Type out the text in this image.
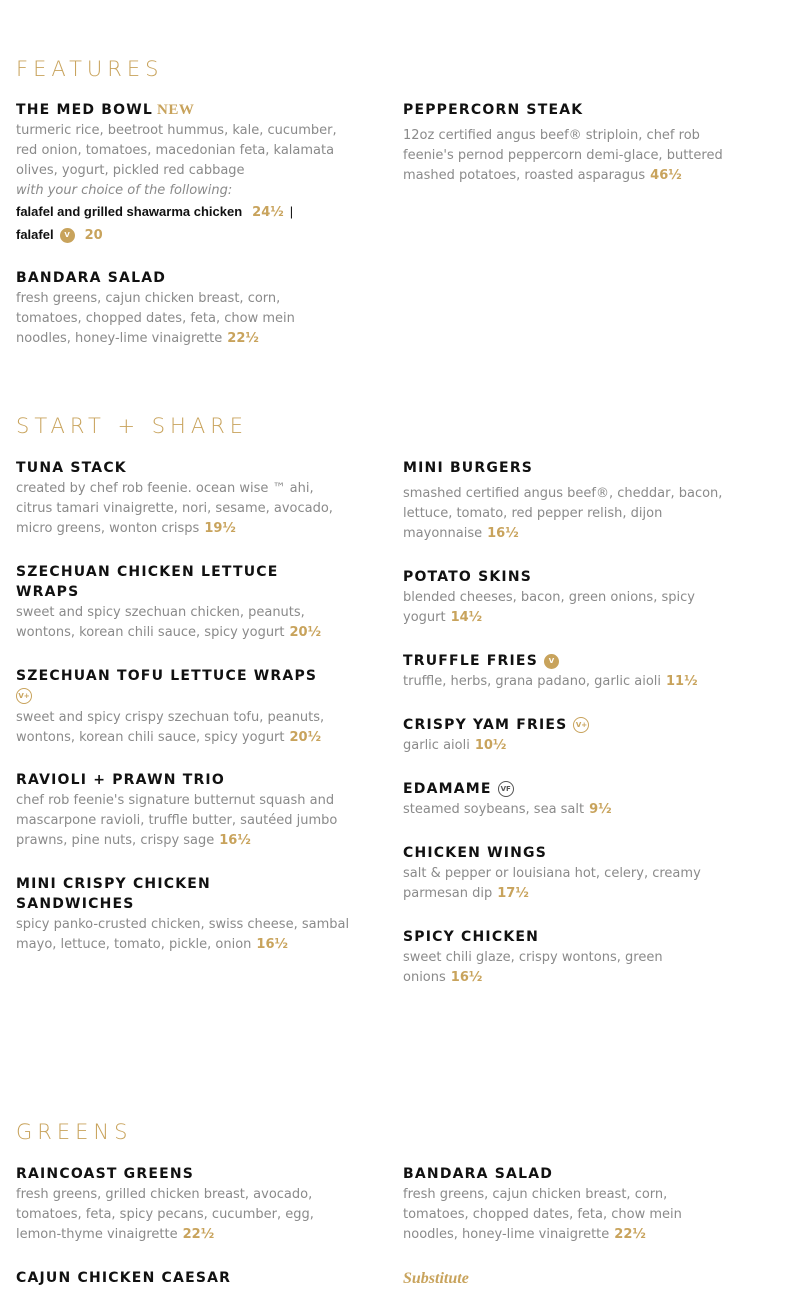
FEATURES
THE MED BOWL NEW
turmeric rice, beetroot hummus, kale, cucumber, red onion, tomatoes, macedonian feta, kalamata olives, yogurt, pickled red cabbage
with your choice of the following:
falafel and grilled shawarma chicken 24½ |
falafel V 20
BANDARA SALAD
fresh greens, cajun chicken breast, corn, tomatoes, chopped dates, feta, chow mein noodles, honey-lime vinaigrette 22½
PEPPERCORN STEAK
12oz certified angus beef® striploin, chef rob feenie's pernod peppercorn demi-glace, buttered mashed potatoes, roasted asparagus 46½
START + SHARE
TUNA STACK
created by chef rob feenie. ocean wise ™ ahi, citrus tamari vinaigrette, nori, sesame, avocado, micro greens, wonton crisps 19½
SZECHUAN CHICKEN LETTUCE WRAPS
sweet and spicy szechuan chicken, peanuts, wontons, korean chili sauce, spicy yogurt 20½
SZECHUAN TOFU LETTUCE WRAPS
V+
sweet and spicy crispy szechuan tofu, peanuts, wontons, korean chili sauce, spicy yogurt 20½
RAVIOLI + PRAWN TRIO
chef rob feenie's signature butternut squash and mascarpone ravioli, truffle butter, sautéed jumbo prawns, pine nuts, crispy sage 16½
MINI CRISPY CHICKEN SANDWICHES
spicy panko-crusted chicken, swiss cheese, sambal mayo, lettuce, tomato, pickle, onion 16½
MINI BURGERS
smashed certified angus beef®, cheddar, bacon, lettuce, tomato, red pepper relish, dijon mayonnaise 16½
POTATO SKINS
blended cheeses, bacon, green onions, spicy yogurt 14½
TRUFFLE FRIES V
truffle, herbs, grana padano, garlic aioli 11½
CRISPY YAM FRIES V+
garlic aioli 10½
EDAMAME VF
steamed soybeans, sea salt 9½
CHICKEN WINGS
salt & pepper or louisiana hot, celery, creamy parmesan dip 17½
SPICY CHICKEN
sweet chili glaze, crispy wontons, green onions 16½
GREENS
RAINCOAST GREENS
fresh greens, grilled chicken breast, avocado, tomatoes, feta, spicy pecans, cucumber, egg, lemon-thyme vinaigrette 22½
BANDARA SALAD
fresh greens, cajun chicken breast, corn, tomatoes, chopped dates, feta, chow mein noodles, honey-lime vinaigrette 22½
CAJUN CHICKEN CAESAR	Substitute
